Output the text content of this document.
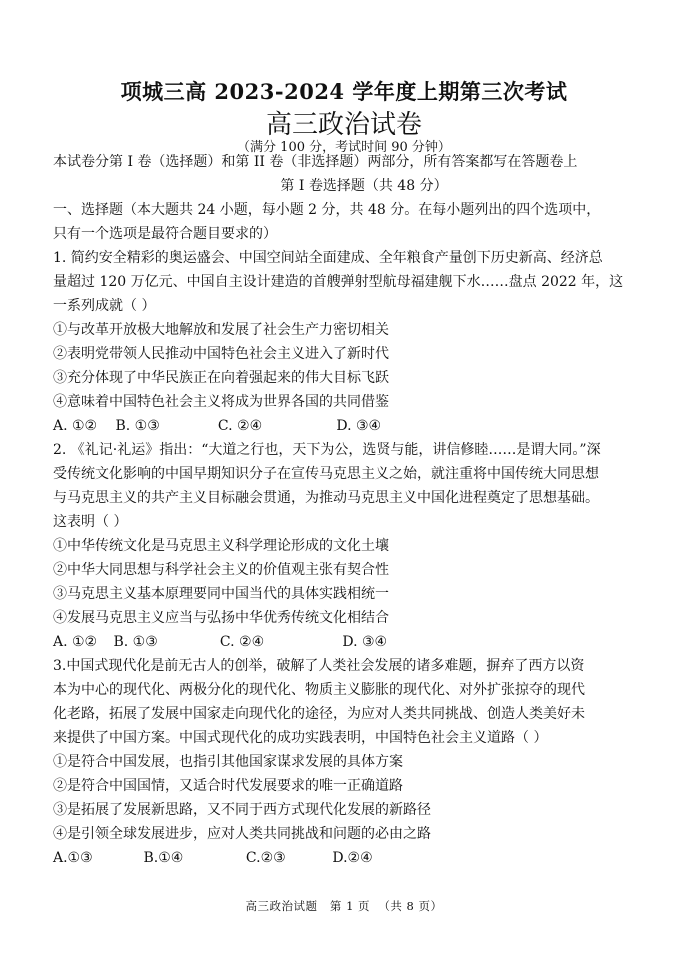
项城三高 2023-2024 学年度上期第三次考试
高三政治试卷
（满分 100 分，考试时间 90 分钟）
本试卷分第 I 卷（选择题）和第 II 卷（非选择题）两部分，所有答案都写在答题卷上
第 I 卷选择题（共 48 分）
一、选择题（本大题共 24 小题，每小题 2 分，共 48 分。在每小题列出的四个选项中，
只有一个选项是最符合题目要求的）
1. 简约安全精彩的奥运盛会、中国空间站全面建成、全年粮食产量创下历史新高、经济总
量超过 120 万亿元、中国自主设计建造的首艘弹射型航母福建舰下水……盘点 2022 年，这
一系列成就（ ）
①与改革开放极大地解放和发展了社会生产力密切相关
②表明党带领人民推动中国特色社会主义进入了新时代
③充分体现了中华民族正在向着强起来的伟大目标飞跃
④意味着中国特色社会主义将成为世界各国的共同借鉴
A. ①② B. ①③	C. ②④	D. ③④
2. 《礼记·礼运》指出：“大道之行也，天下为公，选贤与能，讲信修睦……是谓大同。”深
受传统文化影响的中国早期知识分子在宣传马克思主义之始，就注重将中国传统大同思想
与马克思主义的共产主义目标融会贯通，为推动马克思主义中国化进程奠定了思想基础。
这表明（ ）
①中华传统文化是马克思主义科学理论形成的文化土壤
②中华大同思想与科学社会主义的价值观主张有契合性
③马克思主义基本原理要同中国当代的具体实践相统一
④发展马克思主义应当与弘扬中华优秀传统文化相结合
A. ①② B. ①③	C. ②④	D. ③④
3.中国式现代化是前无古人的创举，破解了人类社会发展的诸多难题，摒弃了西方以资
本为中心的现代化、两极分化的现代化、物质主义膨胀的现代化、对外扩张掠夺的现代
化老路，拓展了发展中国家走向现代化的途径，为应对人类共同挑战、创造人类美好未
来提供了中国方案。中国式现代化的成功实践表明，中国特色社会主义道路（ ）
①是符合中国发展，也指引其他国家谋求发展的具体方案
②是符合中国国情，又适合时代发展要求的唯一正确道路
③是拓展了发展新思路，又不同于西方式现代化发展的新路径
④是引领全球发展进步，应对人类共同挑战和问题的必由之路
A.①③	B.①④	C.②③	D.②④
高三政治试题   第 1 页  （共 8 页）
